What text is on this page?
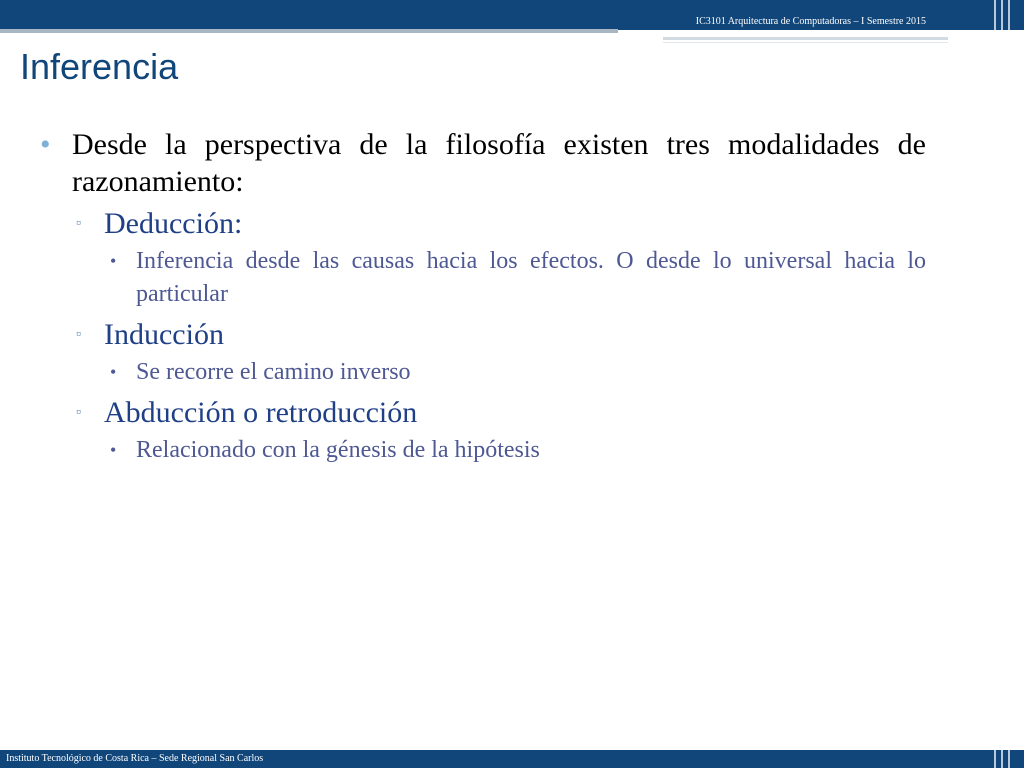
IC3101 Arquitectura de Computadoras – I Semestre 2015
Inferencia
• Desde la perspectiva de la filosofía existen tres modalidades de razonamiento:
▫ Deducción:
• Inferencia desde las causas hacia los efectos. O desde lo universal hacia lo particular
▫ Inducción
• Se recorre el camino inverso
▫ Abducción o retroducción
• Relacionado con la génesis de la hipótesis
Instituto Tecnológico de Costa Rica – Sede Regional San Carlos
